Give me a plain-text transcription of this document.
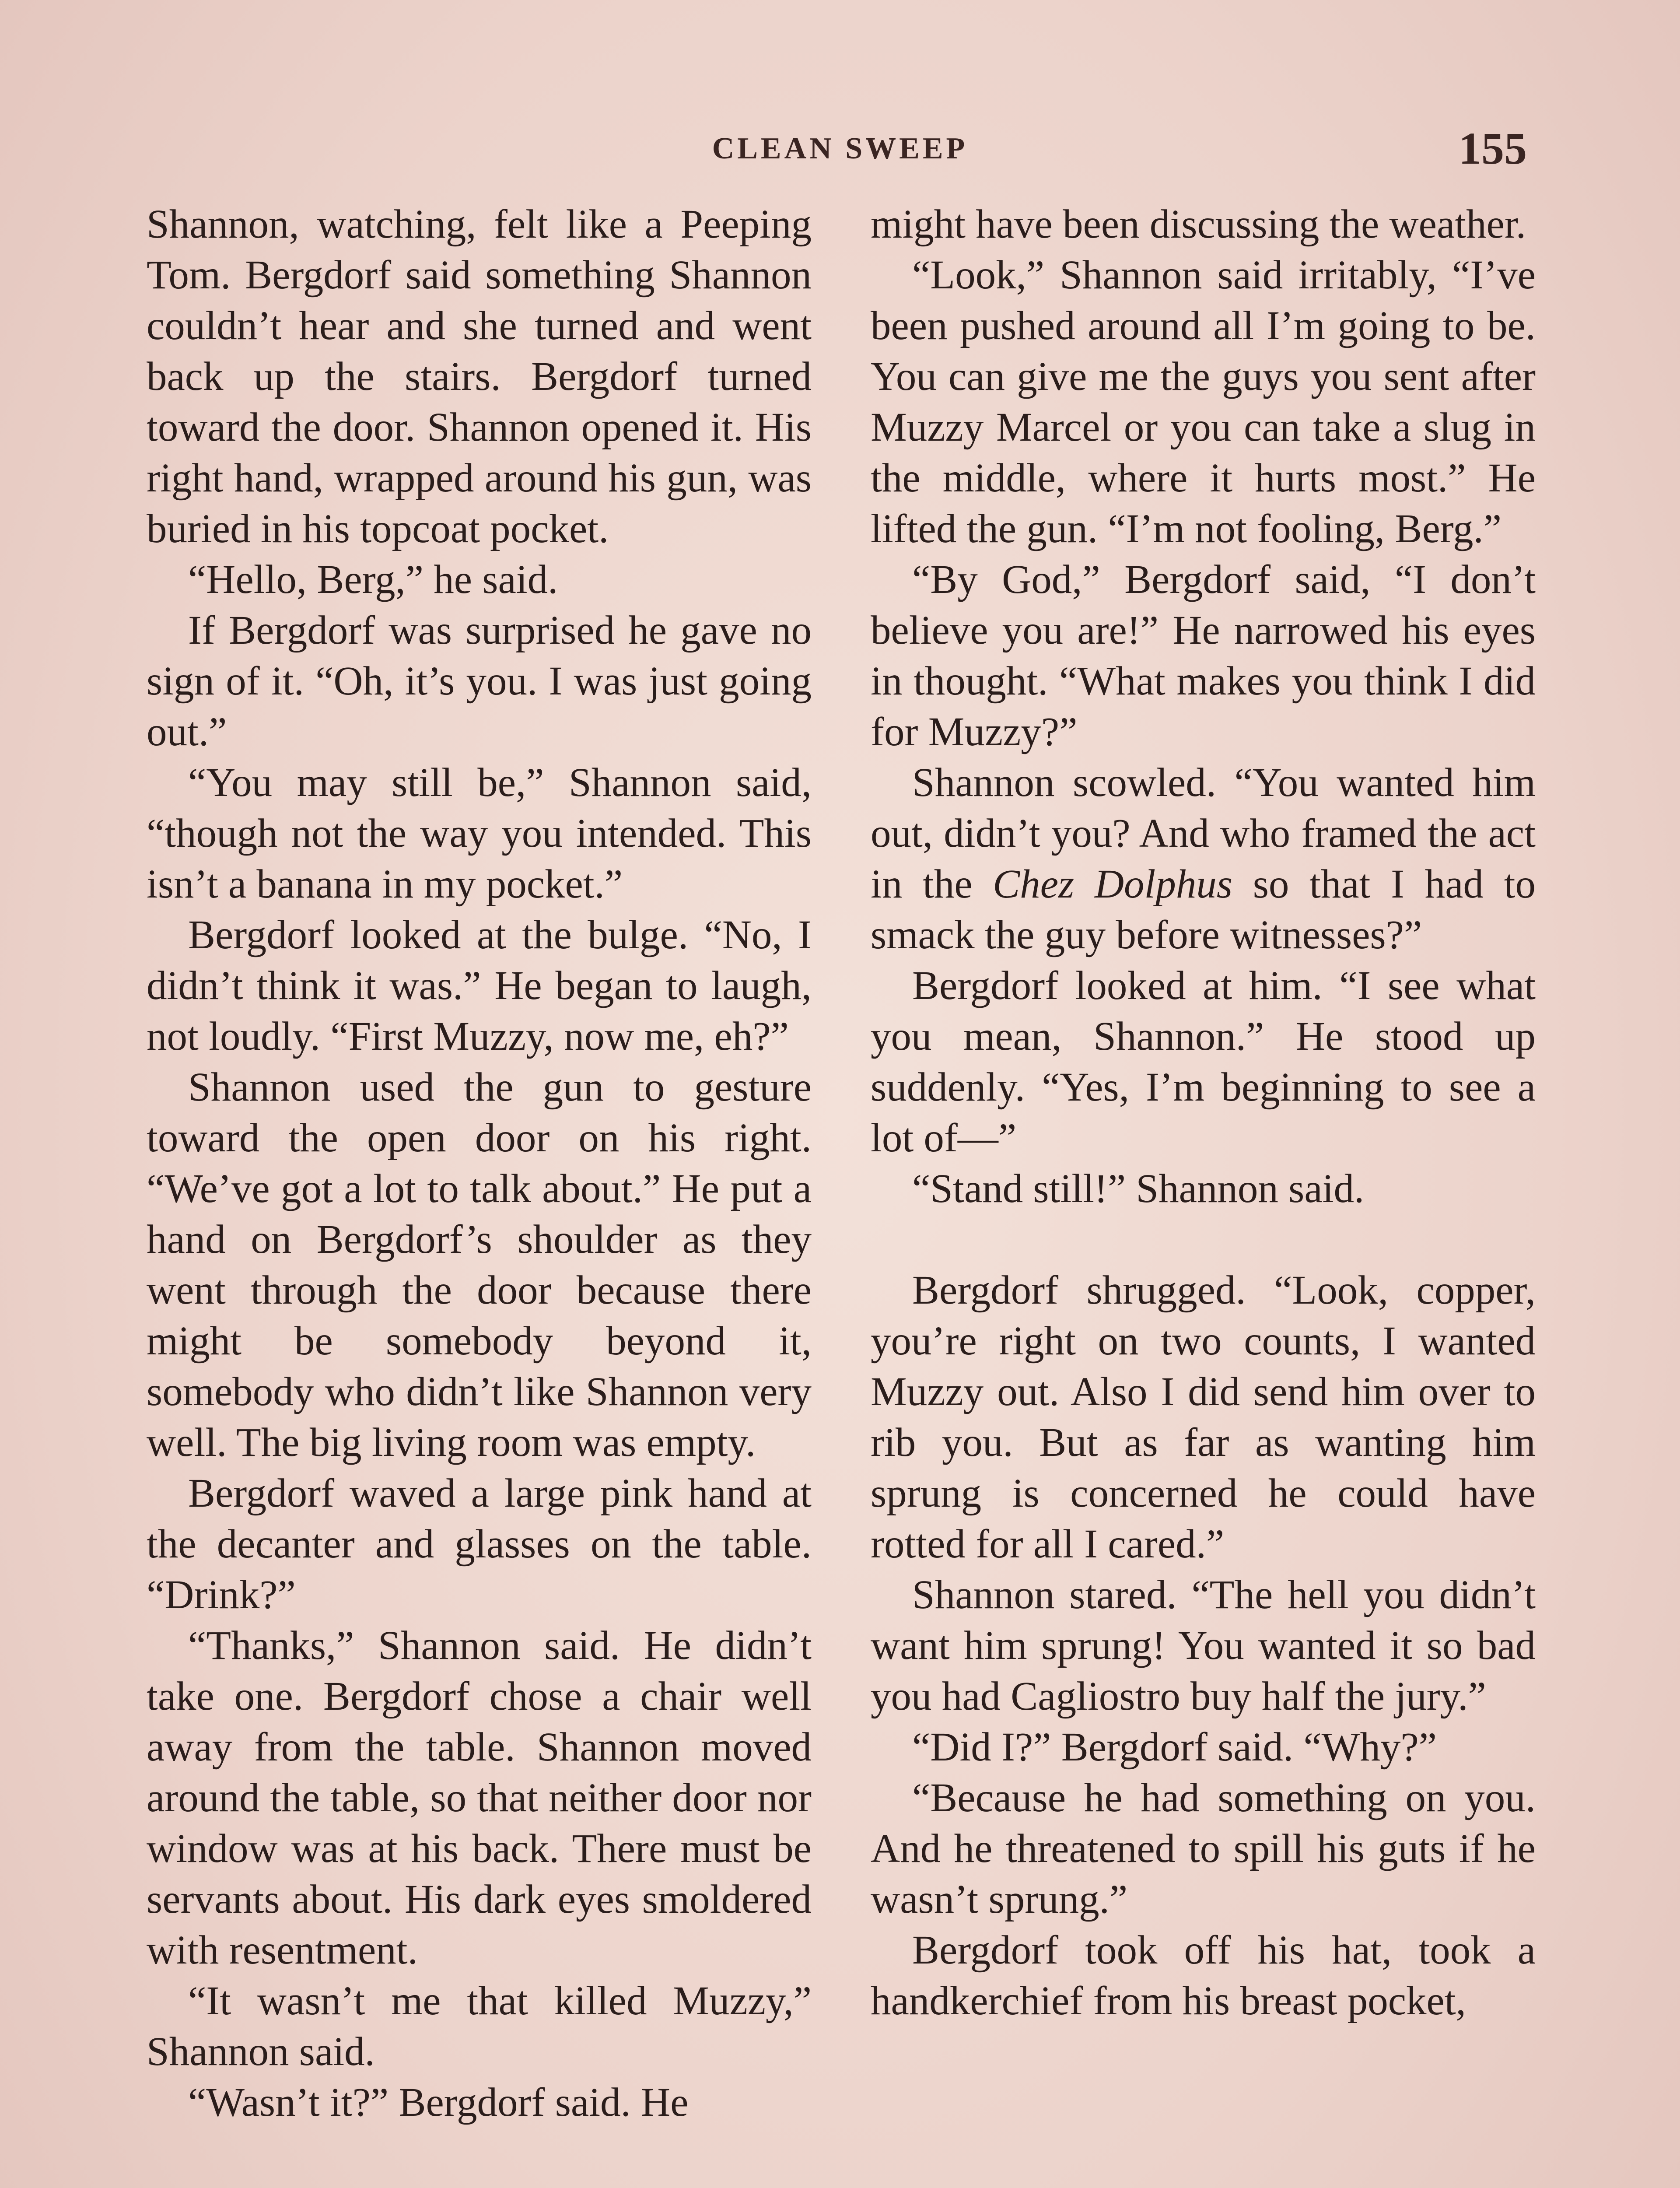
CLEAN SWEEP	155

Shannon, watching, felt like a Peeping Tom. Bergdorf said something Shannon couldn’t hear and she turned and went back up the stairs. Bergdorf turned toward the door. Shannon opened it. His right hand, wrapped around his gun, was buried in his topcoat pocket.

“Hello, Berg,” he said.

If Bergdorf was surprised he gave no sign of it. “Oh, it’s you. I was just going out.”

“You may still be,” Shannon said, “though not the way you intended. This isn’t a banana in my pocket.”

Bergdorf looked at the bulge. “No, I didn’t think it was.” He began to laugh, not loudly. “First Muzzy, now me, eh?”

Shannon used the gun to gesture toward the open door on his right. “We’ve got a lot to talk about.” He put a hand on Bergdorf’s shoulder as they went through the door because there might be somebody beyond it, somebody who didn’t like Shannon very well. The big living room was empty.

Bergdorf waved a large pink hand at the decanter and glasses on the table. “Drink?”

“Thanks,” Shannon said. He didn’t take one. Bergdorf chose a chair well away from the table. Shannon moved around the table, so that neither door nor window was at his back. There must be servants about. His dark eyes smoldered with resentment.

“It wasn’t me that killed Muzzy,” Shannon said.

“Wasn’t it?” Bergdorf said. He

might have been discussing the weather.

“Look,” Shannon said irritably, “I’ve been pushed around all I’m going to be. You can give me the guys you sent after Muzzy Marcel or you can take a slug in the middle, where it hurts most.” He lifted the gun. “I’m not fooling, Berg.”

“By God,” Bergdorf said, “I don’t believe you are!” He narrowed his eyes in thought. “What makes you think I did for Muzzy?”

Shannon scowled. “You wanted him out, didn’t you? And who framed the act in the Chez Dolphus so that I had to smack the guy before witnesses?”

Bergdorf looked at him. “I see what you mean, Shannon.” He stood up suddenly. “Yes, I’m beginning to see a lot of—”

“Stand still!” Shannon said.

Bergdorf shrugged. “Look, copper, you’re right on two counts, I wanted Muzzy out. Also I did send him over to rib you. But as far as wanting him sprung is concerned he could have rotted for all I cared.”

Shannon stared. “The hell you didn’t want him sprung! You wanted it so bad you had Cagliostro buy half the jury.”

“Did I?” Bergdorf said. “Why?”

“Because he had something on you. And he threatened to spill his guts if he wasn’t sprung.”

Bergdorf took off his hat, took a handkerchief from his breast pocket,
